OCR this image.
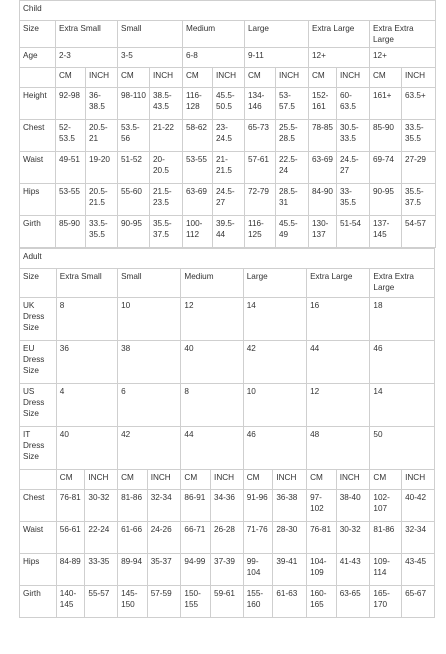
Child												
Size	Extra Small		Small		Medium		Large		Extra Large		Extra Extra Large	
Age	2-3		3-5		6-8		9-11		12+		12+	
	CM	INCH	CM	INCH	CM	INCH	CM	INCH	CM	INCH	CM	INCH
Height	92-98	36-38.5	98-110	38.5-43.5	116-128	45.5-50.5	134-146	53-57.5	152-161	60-63.5	161+	63.5+
Chest	52-53.5	20.5-21	53.5-56	21-22	58-62	23-24.5	65-73	25.5-28.5	78-85	30.5-33.5	85-90	33.5-35.5
Waist	49-51	19-20	51-52	20-20.5	53-55	21-21.5	57-61	22.5-24	63-69	24.5-27	69-74	27-29
Hips	53-55	20.5-21.5	55-60	21.5-23.5	63-69	24.5-27	72-79	28.5-31	84-90	33-35.5	90-95	35.5-37.5
Girth	85-90	33.5-35.5	90-95	35.5-37.5	100-112	39.5-44	116-125	45.5-49	130-137	51-54	137-145	54-57
Adult												
Size	Extra Small		Small		Medium		Large		Extra Large		Extra Extra Large	
UK Dress Size	8		10		12		14		16		18	
EU Dress Size	36		38		40		42		44		46	
US Dress Size	4		6		8		10		12		14	
IT Dress Size	40		42		44		46		48		50	
	CM	INCH	CM	INCH	CM	INCH	CM	INCH	CM	INCH	CM	INCH
Chest	76-81	30-32	81-86	32-34	86-91	34-36	91-96	36-38	97-102	38-40	102-107	40-42
Waist	56-61	22-24	61-66	24-26	66-71	26-28	71-76	28-30	76-81	30-32	81-86	32-34
Hips	84-89	33-35	89-94	35-37	94-99	37-39	99-104	39-41	104-109	41-43	109-114	43-45
Girth	140-145	55-57	145-150	57-59	150-155	59-61	155-160	61-63	160-165	63-65	165-170	65-67
